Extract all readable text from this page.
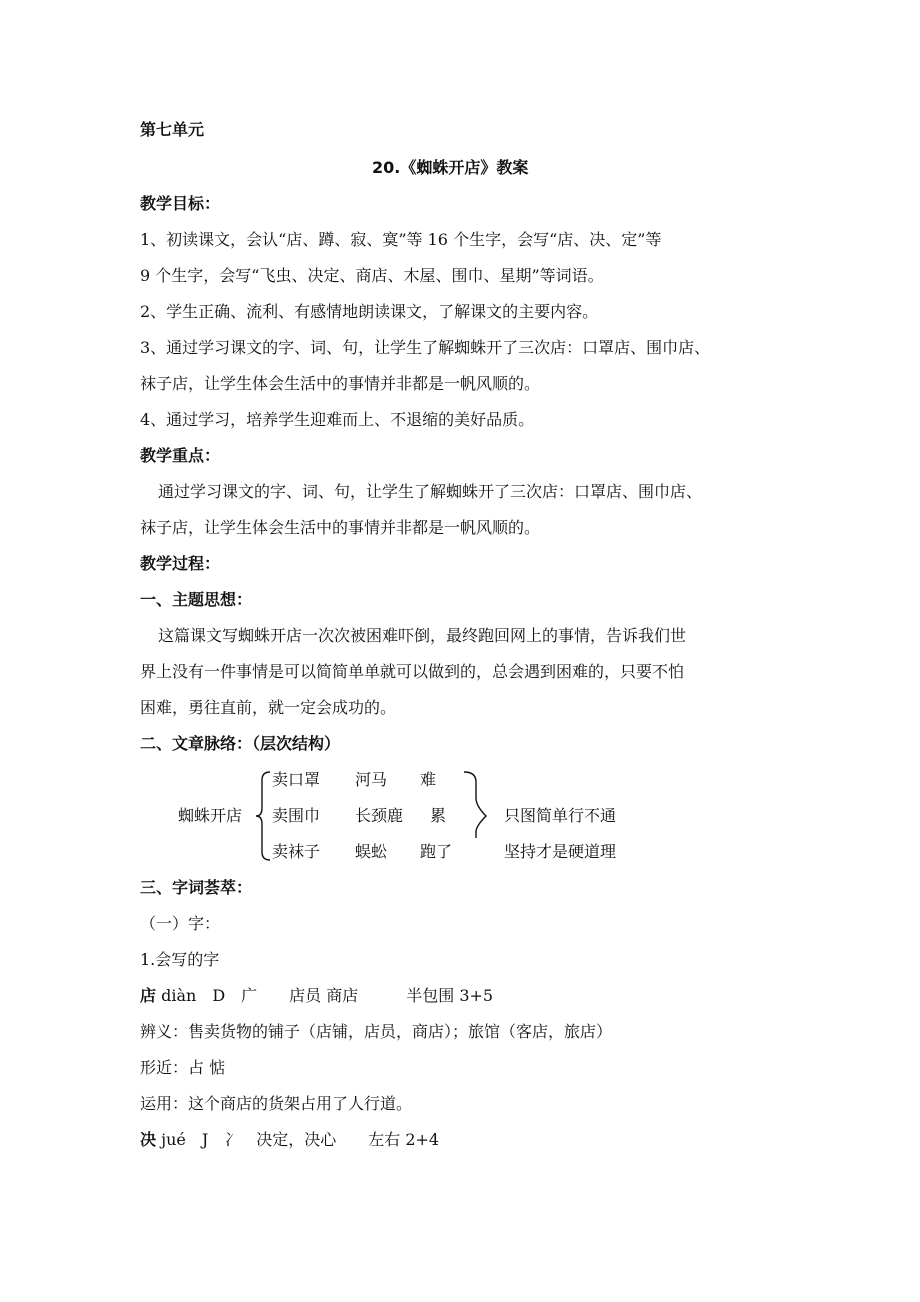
第七单元
20.《蜘蛛开店》教案
教学目标：
1、初读课文，会认“店、蹲、寂、寞”等 16 个生字，会写“店、决、定”等
9 个生字，会写“飞虫、决定、商店、木屋、围巾、星期”等词语。
2、学生正确、流利、有感情地朗读课文，了解课文的主要内容。
3、通过学习课文的字、词、句，让学生了解蜘蛛开了三次店：口罩店、围巾店、
袜子店，让学生体会生活中的事情并非都是一帆风顺的。
4、通过学习，培养学生迎难而上、不退缩的美好品质。
教学重点：
通过学习课文的字、词、句，让学生了解蜘蛛开了三次店：口罩店、围巾店、
袜子店，让学生体会生活中的事情并非都是一帆风顺的。
教学过程：
一、主题思想：
这篇课文写蜘蛛开店一次次被困难吓倒，最终跑回网上的事情，告诉我们世
界上没有一件事情是可以简简单单就可以做到的，总会遇到困难的，只要不怕
困难，勇往直前，就一定会成功的。
二、文章脉络：（层次结构）
蜘蛛开店
卖口罩 河马 难
卖围巾 长颈鹿 累
卖袜子 蜈蚣 跑了
只图简单行不通
坚持才是硬道理
三、字词荟萃：
（一）字：
1.会写的字
店 diàn　D　广　　店员 商店　　　半包围 3+5
辨义：售卖货物的铺子（店铺，店员，商店）；旅馆（客店，旅店）
形近：占 惦
运用：这个商店的货架占用了人行道。
决 jué　J　冫　决定，决心　　左右 2+4
